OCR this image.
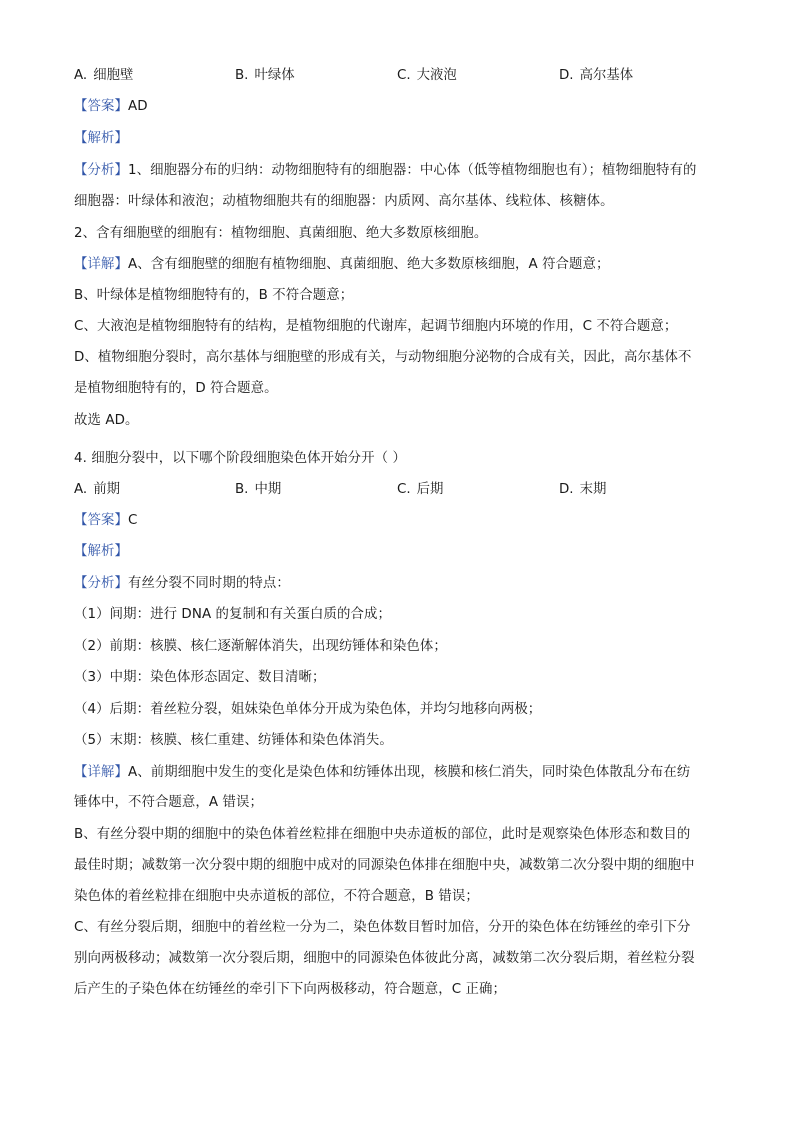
A. 细胞壁	B. 叶绿体	C. 大液泡	D. 高尔基体
【答案】AD
【解析】
【分析】1、细胞器分布的归纳：动物细胞特有的细胞器：中心体（低等植物细胞也有）；植物细胞特有的
细胞器：叶绿体和液泡；动植物细胞共有的细胞器：内质网、高尔基体、线粒体、核糖体。
2、含有细胞壁的细胞有：植物细胞、真菌细胞、绝大多数原核细胞。
【详解】A、含有细胞壁的细胞有植物细胞、真菌细胞、绝大多数原核细胞，A 符合题意；
B、叶绿体是植物细胞特有的，B 不符合题意；
C、大液泡是植物细胞特有的结构，是植物细胞的代谢库，起调节细胞内环境的作用，C 不符合题意；
D、植物细胞分裂时，高尔基体与细胞壁的形成有关，与动物细胞分泌物的合成有关，因此，高尔基体不
是植物细胞特有的，D 符合题意。
故选 AD。
4. 细胞分裂中，以下哪个阶段细胞染色体开始分开（ ）
A. 前期	B. 中期	C. 后期	D. 末期
【答案】C
【解析】
【分析】有丝分裂不同时期的特点：
（1）间期：进行 DNA 的复制和有关蛋白质的合成；
（2）前期：核膜、核仁逐渐解体消失，出现纺锤体和染色体；
（3）中期：染色体形态固定、数目清晰；
（4）后期：着丝粒分裂，姐妹染色单体分开成为染色体，并均匀地移向两极；
（5）末期：核膜、核仁重建、纺锤体和染色体消失。
【详解】A、前期细胞中发生的变化是染色体和纺锤体出现，核膜和核仁消失，同时染色体散乱分布在纺
锤体中，不符合题意，A 错误；
B、有丝分裂中期的细胞中的染色体着丝粒排在细胞中央赤道板的部位，此时是观察染色体形态和数目的
最佳时期；减数第一次分裂中期的细胞中成对的同源染色体排在细胞中央，减数第二次分裂中期的细胞中
染色体的着丝粒排在细胞中央赤道板的部位，不符合题意，B 错误；
C、有丝分裂后期，细胞中的着丝粒一分为二，染色体数目暂时加倍，分开的染色体在纺锤丝的牵引下分
别向两极移动；减数第一次分裂后期，细胞中的同源染色体彼此分离，减数第二次分裂后期，着丝粒分裂
后产生的子染色体在纺锤丝的牵引下下向两极移动，符合题意，C 正确；
